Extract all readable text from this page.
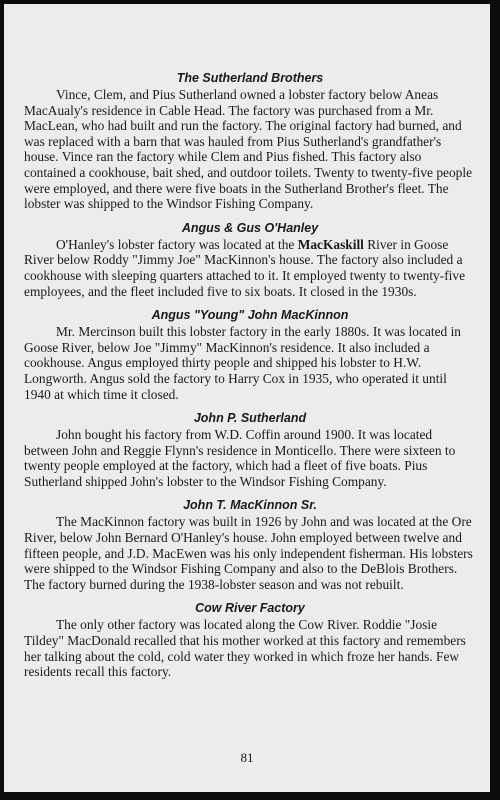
The Sutherland Brothers

Vince, Clem, and Pius Sutherland owned a lobster factory below Aneas MacAualy's residence in Cable Head. The factory was purchased from a Mr. MacLean, who had built and run the factory. The original factory had burned, and was replaced with a barn that was hauled from Pius Sutherland's grandfather's house. Vince ran the factory while Clem and Pius fished. This factory also contained a cookhouse, bait shed, and outdoor toilets. Twenty to twenty-five people were employed, and there were five boats in the Sutherland Brother's fleet. The lobster was shipped to the Windsor Fishing Company.

Angus & Gus O'Hanley

O'Hanley's lobster factory was located at the MacKaskill River in Goose River below Roddy "Jimmy Joe" MacKinnon's house. The factory also included a cookhouse with sleeping quarters attached to it. It employed twenty to twenty-five employees, and the fleet included five to six boats. It closed in the 1930s.

Angus "Young" John MacKinnon

Mr. Mercinson built this lobster factory in the early 1880s. It was located in Goose River, below Joe "Jimmy" MacKinnon's residence. It also included a cookhouse. Angus employed thirty people and shipped his lobster to H.W. Longworth. Angus sold the factory to Harry Cox in 1935, who operated it until 1940 at which time it closed.

John P. Sutherland

John bought his factory from W.D. Coffin around 1900. It was located between John and Reggie Flynn's residence in Monticello. There were sixteen to twenty people employed at the factory, which had a fleet of five boats. Pius Sutherland shipped John's lobster to the Windsor Fishing Company.

John T. MacKinnon Sr.

The MacKinnon factory was built in 1926 by John and was located at the Ore River, below John Bernard O'Hanley's house. John employed between twelve and fifteen people, and J.D. MacEwen was his only independent fisherman. His lobsters were shipped to the Windsor Fishing Company and also to the DeBlois Brothers. The factory burned during the 1938-lobster season and was not rebuilt.

Cow River Factory

The only other factory was located along the Cow River. Roddie "Josie Tildey" MacDonald recalled that his mother worked at this factory and remembers her talking about the cold, cold water they worked in which froze her hands. Few residents recall this factory.

81
